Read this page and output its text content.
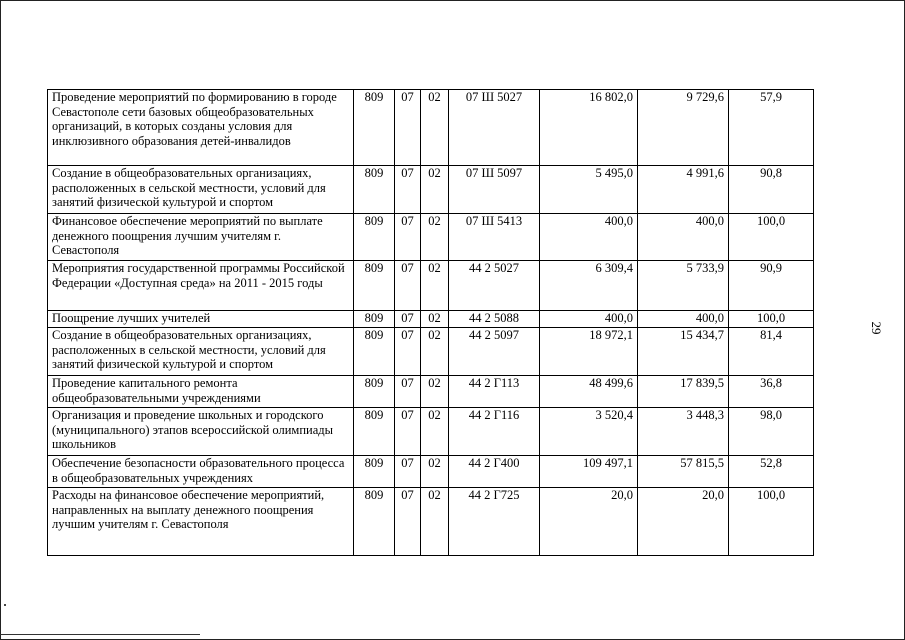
Проведение мероприятий по формированию в городе Севастополе сети базовых общеобразовательных организаций, в которых созданы условия для инклюзивного образования детей-инвалидов	809	07	02	07 Ш 5027	16 802,0	9 729,6	57,9
Создание в общеобразовательных организациях, расположенных в сельской местности, условий для занятий физической культурой и спортом	809	07	02	07 Ш 5097	5 495,0	4 991,6	90,8
Финансовое обеспечение мероприятий по выплате денежного поощрения лучшим учителям г. Севастополя	809	07	02	07 Ш 5413	400,0	400,0	100,0
Мероприятия государственной программы Российской Федерации «Доступная среда» на 2011 - 2015 годы	809	07	02	44 2 5027	6 309,4	5 733,9	90,9
Поощрение лучших учителей	809	07	02	44 2 5088	400,0	400,0	100,0
Создание в общеобразовательных организациях, расположенных в сельской местности, условий для занятий физической культурой и спортом	809	07	02	44 2 5097	18 972,1	15 434,7	81,4
Проведение капитального ремонта общеобразовательными учреждениями	809	07	02	44 2 Г113	48 499,6	17 839,5	36,8
Организация и проведение школьных и городского (муниципального) этапов всероссийской олимпиады школьников	809	07	02	44 2 Г116	3 520,4	3 448,3	98,0
Обеспечение безопасности образовательного процесса в общеобразовательных учреждениях	809	07	02	44 2 Г400	109 497,1	57 815,5	52,8
Расходы на финансовое обеспечение мероприятий, направленных на выплату денежного поощрения лучшим учителям г. Севастополя	809	07	02	44 2 Г725	20,0	20,0	100,0
29
